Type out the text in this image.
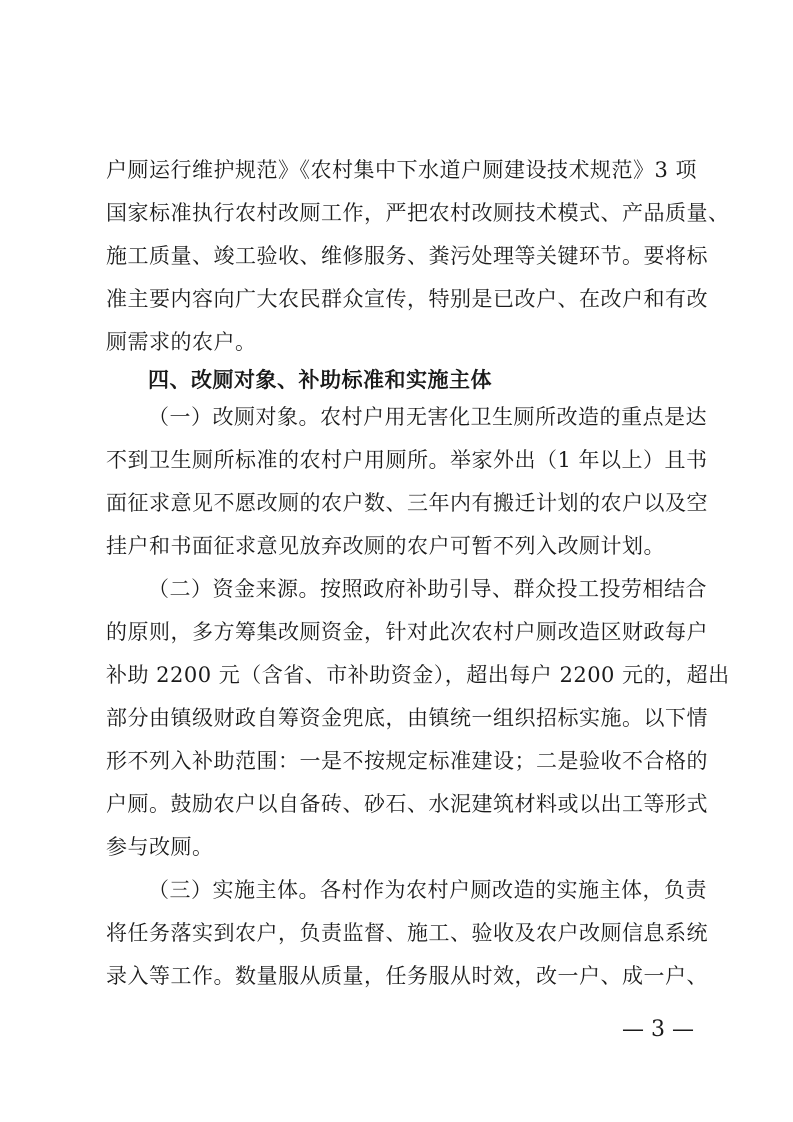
户厕运行维护规范》《农村集中下水道户厕建设技术规范》3 项
国家标准执行农村改厕工作，严把农村改厕技术模式、产品质量、
施工质量、竣工验收、维修服务、粪污处理等关键环节。要将标
准主要内容向广大农民群众宣传，特别是已改户、在改户和有改
厕需求的农户。
四、改厕对象、补助标准和实施主体
（一）改厕对象。农村户用无害化卫生厕所改造的重点是达
不到卫生厕所标准的农村户用厕所。举家外出（1 年以上）且书
面征求意见不愿改厕的农户数、三年内有搬迁计划的农户以及空
挂户和书面征求意见放弃改厕的农户可暂不列入改厕计划。
（二）资金来源。按照政府补助引导、群众投工投劳相结合
的原则，多方筹集改厕资金，针对此次农村户厕改造区财政每户
补助 2200 元（含省、市补助资金），超出每户 2200 元的，超出
部分由镇级财政自筹资金兜底，由镇统一组织招标实施。以下情
形不列入补助范围：一是不按规定标准建设；二是验收不合格的
户厕。鼓励农户以自备砖、砂石、水泥建筑材料或以出工等形式
参与改厕。
（三）实施主体。各村作为农村户厕改造的实施主体，负责
将任务落实到农户，负责监督、施工、验收及农户改厕信息系统
录入等工作。数量服从质量，任务服从时效，改一户、成一户、
— 3 —
